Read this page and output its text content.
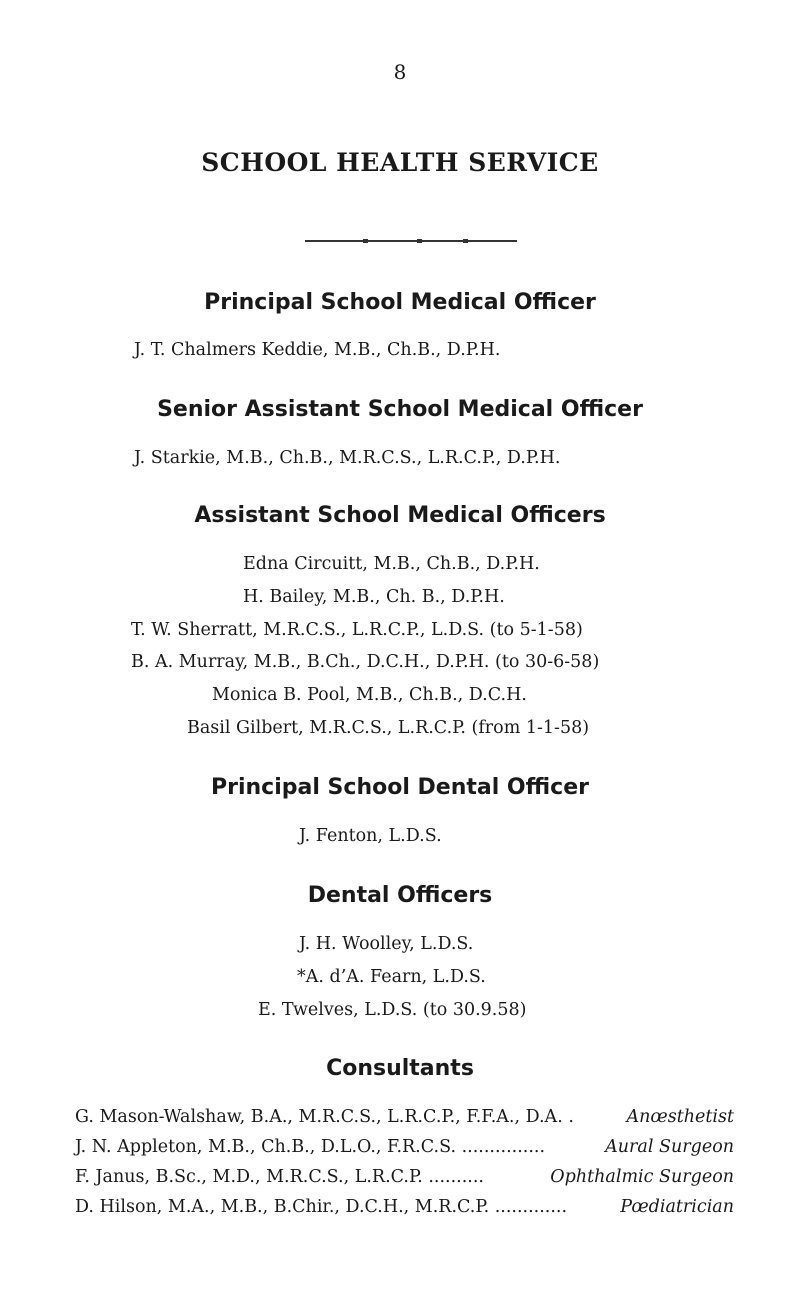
8
SCHOOL HEALTH SERVICE
Principal School Medical Officer
J. T. Chalmers Keddie, M.B., Ch.B., D.P.H.
Senior Assistant School Medical Officer
J. Starkie, M.B., Ch.B., M.R.C.S., L.R.C.P., D.P.H.
Assistant School Medical Officers
Edna Circuitt, M.B., Ch.B., D.P.H.
H. Bailey, M.B., Ch. B., D.P.H.
T. W. Sherratt, M.R.C.S., L.R.C.P., L.D.S. (to 5-1-58)
B. A. Murray, M.B., B.Ch., D.C.H., D.P.H. (to 30-6-58)
Monica B. Pool, M.B., Ch.B., D.C.H.
Basil Gilbert, M.R.C.S., L.R.C.P. (from 1-1-58)
Principal School Dental Officer
J. Fenton, L.D.S.
Dental Officers
J. H. Woolley, L.D.S.
*A. d’A. Fearn, L.D.S.
E. Twelves, L.D.S. (to 30.9.58)
Consultants
G. Mason-Walshaw, B.A., M.R.C.S., L.R.C.P., F.F.A., D.A. .	Anœsthetist
J. N. Appleton, M.B., Ch.B., D.L.O., F.R.C.S. ...............	Aural Surgeon
F. Janus, B.Sc., M.D., M.R.C.S., L.R.C.P. ..........	Ophthalmic Surgeon
D. Hilson, M.A., M.B., B.Chir., D.C.H., M.R.C.P. .............	Pœdiatrician
